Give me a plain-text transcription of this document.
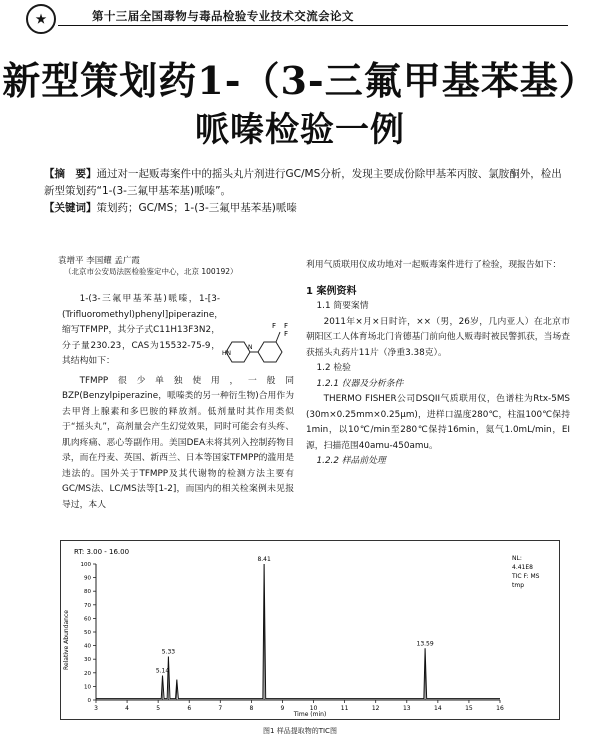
★	第十三届全国毒物与毒品检验专业技术交流会论文
新型策划药1-（3-三氟甲基苯基）
哌嗪检验一例

【摘　要】通过对一起贩毒案件中的摇头丸片剂进行GC/MS分析，发现主要成份除甲基苯丙胺、氯胺酮外，检出新型策划药“1-(3-三氟甲基苯基)哌嗪”。

【关键词】策划药；GC/MS；1-(3-三氟甲基苯基)哌嗪

袁增平 李国耀 孟广霞
（北京市公安局法医检验鉴定中心，北京 100192）

1-(3-三氟甲基苯基)哌嗪，1-[3-(Trifluoromethyl)phenyl]piperazine，缩写TFMPP，其分子式C11H13F3N2，分子量230.23，CAS为15532-75-9，其结构如下：

TFMPP很少单独使用，一般同BZP(Benzylpiperazine，哌嗪类的另一种衍生物)合用作为去甲肾上腺素和多巴胺的释放剂。低剂量时其作用类似于“摇头丸”，高剂量会产生幻觉效果，同时可能会有头疼、肌肉疼痛、恶心等副作用。美国DEA未将其列入控制药物目录，而在丹麦、英国、新西兰、日本等国家TFMPP的滥用是违法的。国外关于TFMPP及其代谢物的检测方法主要有GC/MS法、LC/MS法等[1-2]，而国内的相关检案例未见报导过，本人

F F
F
HN
N

利用气质联用仪成功地对一起贩毒案件进行了检验，现报告如下：

1 案例资料

1.1 简要案情

2011年×月×日时许，××（男，26岁，几内亚人）在北京市朝阳区工人体育场北门肯德基门前向他人贩毒时被民警抓获，当场查获摇头丸药片11片（净重3.38克）。

1.2 检验

1.2.1 仪器及分析条件

THERMO FISHER公司DSQII气质联用仪，色谱柱为Rtx-5MS (30m×0.25mm×0.25μm)，进样口温度280℃，柱温100℃保持1min，以10℃/min至280℃保持16min，氦气1.0mL/min，EI源，扫描范围40amu-450amu。

1.2.2 样品前处理

RT: 3.00 - 16.00
Time (min)
Relative Abundance
NL:
4.41E8
TIC F: MS
tmp
3	4	5	6	7	8	9	10	11	12	13	14	15	16
0
10
20
30
40
50
60
70
80
90
100
5.33
5.14
8.41
13.59
图1 样品提取物的TIC图
